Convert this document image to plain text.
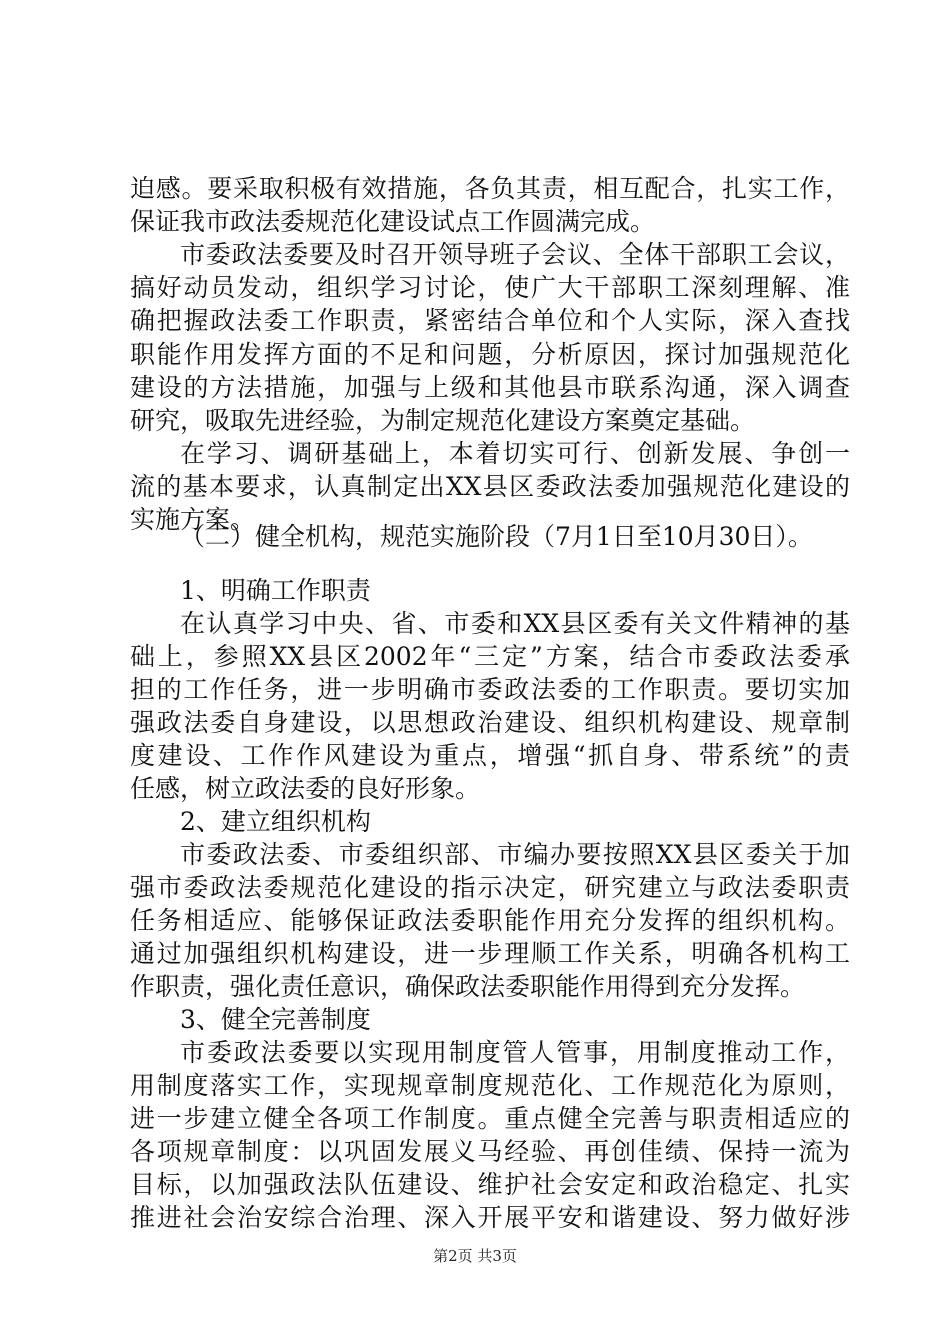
迫感。要采取积极有效措施，各负其责，相互配合，扎实工作，
保证我市政法委规范化建设试点工作圆满完成。
市委政法委要及时召开领导班子会议、全体干部职工会议，
搞好动员发动，组织学习讨论，使广大干部职工深刻理解、准
确把握政法委工作职责，紧密结合单位和个人实际，深入查找
职能作用发挥方面的不足和问题，分析原因，探讨加强规范化
建设的方法措施，加强与上级和其他县市联系沟通，深入调查
研究，吸取先进经验，为制定规范化建设方案奠定基础。
在学习、调研基础上，本着切实可行、创新发展、争创一
流的基本要求，认真制定出XX县区委政法委加强规范化建设的
实施方案。
（二）健全机构，规范实施阶段（7月1日至10月30日）。
1、明确工作职责
在认真学习中央、省、市委和XX县区委有关文件精神的基
础上，参照XX县区2002年“三定”方案，结合市委政法委承
担的工作任务，进一步明确市委政法委的工作职责。要切实加
强政法委自身建设，以思想政治建设、组织机构建设、规章制
度建设、工作作风建设为重点，增强“抓自身、带系统”的责
任感，树立政法委的良好形象。
2、建立组织机构
市委政法委、市委组织部、市编办要按照XX县区委关于加
强市委政法委规范化建设的指示决定，研究建立与政法委职责
任务相适应、能够保证政法委职能作用充分发挥的组织机构。
通过加强组织机构建设，进一步理顺工作关系，明确各机构工
作职责，强化责任意识，确保政法委职能作用得到充分发挥。
3、健全完善制度
市委政法委要以实现用制度管人管事，用制度推动工作，
用制度落实工作，实现规章制度规范化、工作规范化为原则，
进一步建立健全各项工作制度。重点健全完善与职责相适应的
各项规章制度：以巩固发展义马经验、再创佳绩、保持一流为
目标，以加强政法队伍建设、维护社会安定和政治稳定、扎实
推进社会治安综合治理、深入开展平安和谐建设、努力做好涉
第2页 共3页
